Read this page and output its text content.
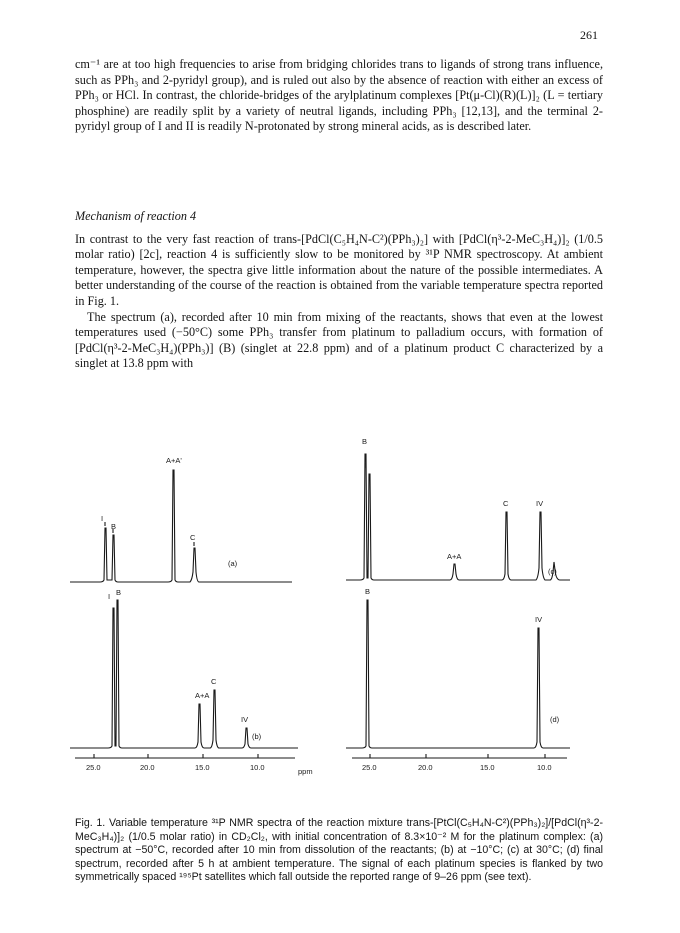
261

cm⁻¹ are at too high frequencies to arise from bridging chlorides trans to ligands of strong trans influence, such as PPh₃ and 2-pyridyl group), and is ruled out also by the absence of reaction with either an excess of PPh₃ or HCl. In contrast, the chloride-bridges of the arylplatinum complexes [Pt(μ-Cl)(R)(L)]₂ (L = tertiary phosphine) are readily split by a variety of neutral ligands, including PPh₃ [12,13], and the terminal 2-pyridyl group of I and II is readily N-protonated by strong mineral acids, as is described later.

Mechanism of reaction 4

In contrast to the very fast reaction of trans-[PdCl(C₅H₄N-C²)(PPh₃)₂] with [PdCl(η³-2-MeC₃H₄)]₂ (1/0.5 molar ratio) [2c], reaction 4 is sufficiently slow to be monitored by ³¹P NMR spectroscopy. At ambient temperature, however, the spectra give little information about the nature of the possible intermediates. A better understanding of the course of the reaction is obtained from the variable temperature spectra reported in Fig. 1.

The spectrum (a), recorded after 10 min from mixing of the reactants, shows that even at the lowest temperatures used (−50°C) some PPh₃ transfer from platinum to palladium occurs, with formation of [PdCl(η³-2-MeC₃H₄)(PPh₃)] (B) (singlet at 22.8 ppm) and of a platinum product C characterized by a singlet at 13.8 ppm with

A+A'
I
B
C
(a)
I B
A+A
C
IV
(b)
B
I
A+A
C	IV
(c)
B
IV
(d)
25.0	20.0	15.0	10.0	ppm	25.0	20.0	15.0	10.0

Fig. 1. Variable temperature ³¹P NMR spectra of the reaction mixture trans-[PtCl(C₅H₄N-C²)(PPh₃)₂]/[PdCl(η³-2-MeC₃H₄)]₂ (1/0.5 molar ratio) in CD₂Cl₂, with initial concentration of 8.3×10⁻² M for the platinum complex: (a) spectrum at −50°C, recorded after 10 min from dissolution of the reactants; (b) at −10°C; (c) at 30°C; (d) final spectrum, recorded after 5 h at ambient temperature. The signal of each platinum species is flanked by two symmetrically spaced ¹⁹⁵Pt satellites which fall outside the reported range of 9–26 ppm (see text).
